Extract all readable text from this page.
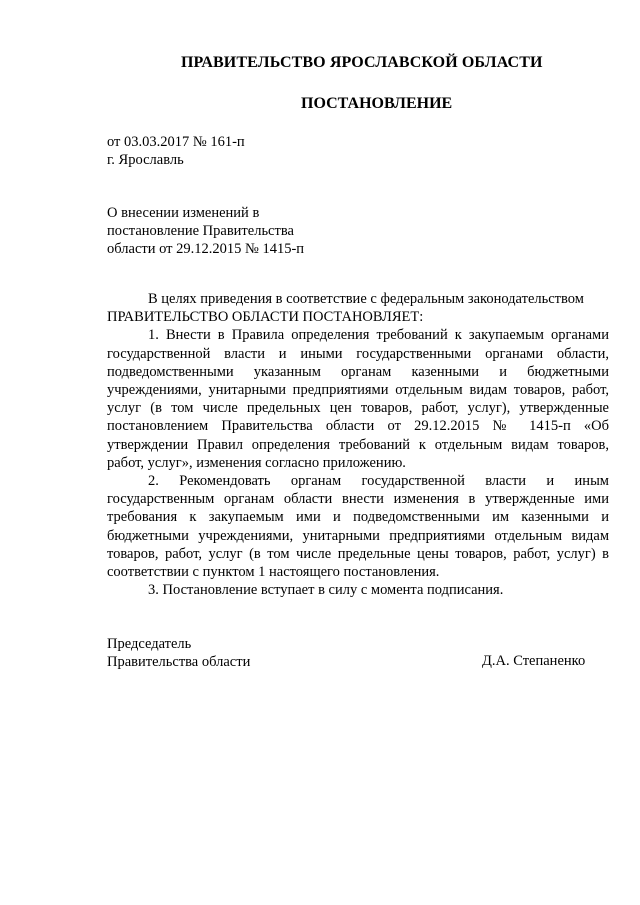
ПРАВИТЕЛЬСТВО ЯРОСЛАВСКОЙ ОБЛАСТИ
ПОСТАНОВЛЕНИЕ
от 03.03.2017 № 161-п
г. Ярославль
О внесении изменений в
постановление Правительства
области от 29.12.2015 № 1415-п

В целях приведения в соответствие с федеральным законодательством

ПРАВИТЕЛЬСТВО ОБЛАСТИ ПОСТАНОВЛЯЕТ:

1. Внести в Правила определения требований к закупаемым органами государственной власти и иными государственными органами области, подведомственными указанным органам казенными и бюджетными учреждениями, унитарными предприятиями отдельным видам товаров, работ, услуг (в том числе предельных цен товаров, работ, услуг), утвержденные постановлением Правительства области от 29.12.2015 № 1415-п «Об утверждении Правил определения требований к отдельным видам товаров, работ, услуг», изменения согласно приложению.

2. Рекомендовать органам государственной власти и иным государственным органам области внести изменения в утвержденные ими требования к закупаемым ими и подведомственными им казенными и бюджетными учреждениями, унитарными предприятиями отдельным видам товаров, работ, услуг (в том числе предельные цены товаров, работ, услуг) в соответствии с пунктом 1 настоящего постановления.

3. Постановление вступает в силу с момента подписания.

Председатель
Правительства области	Д.А. Степаненко
